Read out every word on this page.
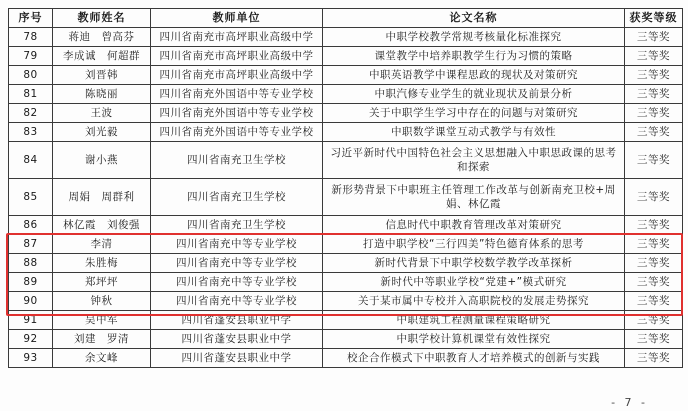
序号	教师姓名	教师单位	论文名称	获奖等级
78	蒋迪　曾高芬	四川省南充市高坪职业高级中学	中职学校教学常规考核量化标准探究	三等奖
79	李成诚　何超群	四川省南充市高坪职业高级中学	课堂教学中培养职教学生行为习惯的策略	三等奖
80	刘晋韩	四川省南充市高坪职业高级中学	中职英语教学中课程思政的现状及对策研究	三等奖
81	陈晓丽	四川省南充外国语中等专业学校	中职汽修专业学生的就业现状及前景分析	三等奖
82	王波	四川省南充外国语中等专业学校	关于中职学生学习中存在的问题与对策研究	三等奖
83	刘光毅	四川省南充外国语中等专业学校	中职数学课堂互动式教学与有效性	三等奖
84	谢小燕	四川省南充卫生学校	习近平新时代中国特色社会主义思想融入中职思政课的思考和探索	三等奖
85	周娟　周群利	四川省南充卫生学校	新形势背景下中职班主任管理工作改革与创新南充卫校+周娟、林亿霞	三等奖
86	林亿霞　刘俊强	四川省南充卫生学校	信息时代中职教育管理改革对策研究	三等奖
87	李清	四川省南充中等专业学校	打造中职学校“三行四美”特色德育体系的思考	三等奖
88	朱胜梅	四川省南充中等专业学校	新时代背景下中职学校数学教学改革探析	三等奖
89	郑坪坪	四川省南充中等专业学校	新时代中等职业学校“党建+”模式研究	三等奖
90	钟秋	四川省南充中等专业学校	关于某市属中专校并入高职院校的发展走势探究	三等奖
91	吴中军	四川省蓬安县职业中学	中职建筑工程测量课程策略研究	三等奖
92	刘建　罗清	四川省蓬安县职业中学	中职学校计算机课堂有效性探究	三等奖
93	余文峰	四川省蓬安县职业中学	校企合作模式下中职教育人才培养模式的创新与实践	三等奖
- 7 -
